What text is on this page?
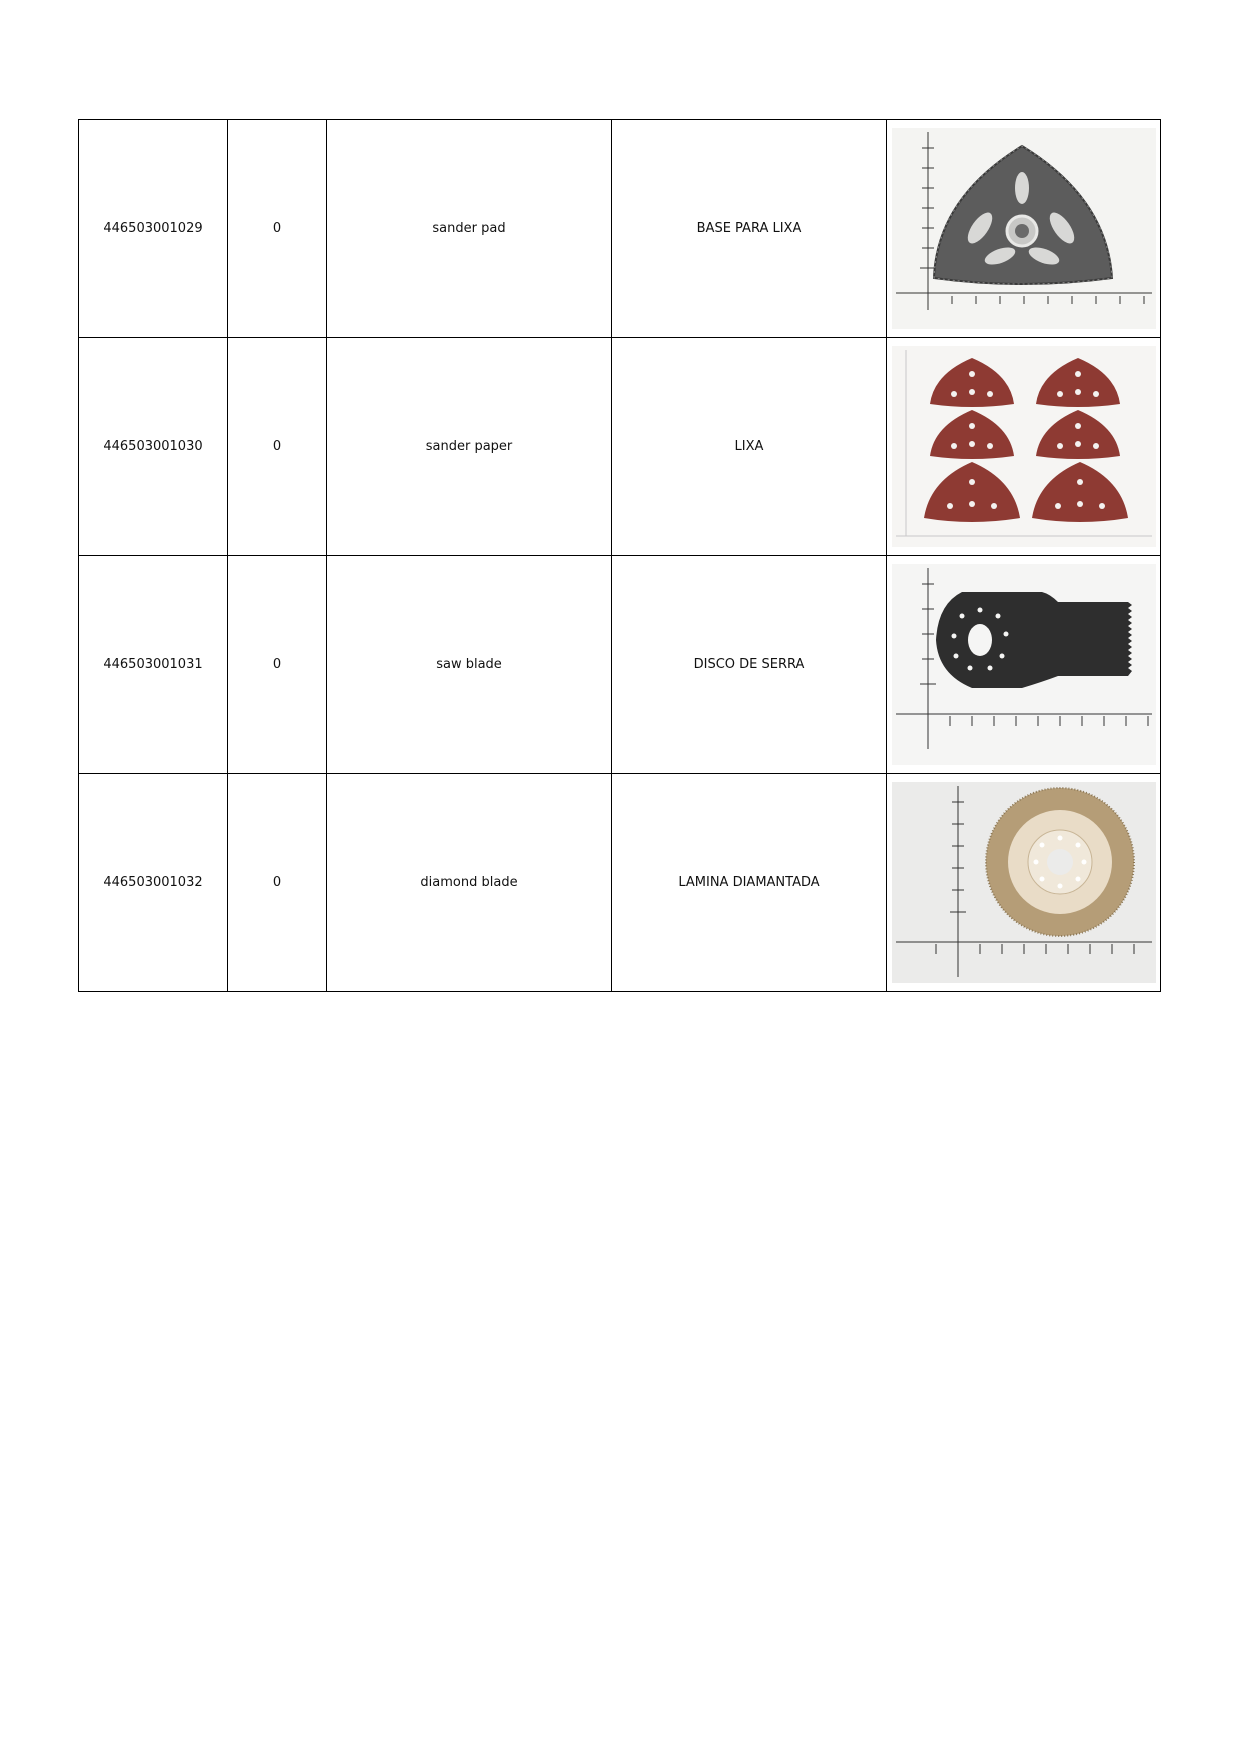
446503001029	0	sander pad	BASE PARA LIXA	

446503001030	0	sander paper	LIXA	

446503001031	0	saw blade	DISCO DE SERRA	

446503001032	0	diamond blade	LAMINA DIAMANTADA	
